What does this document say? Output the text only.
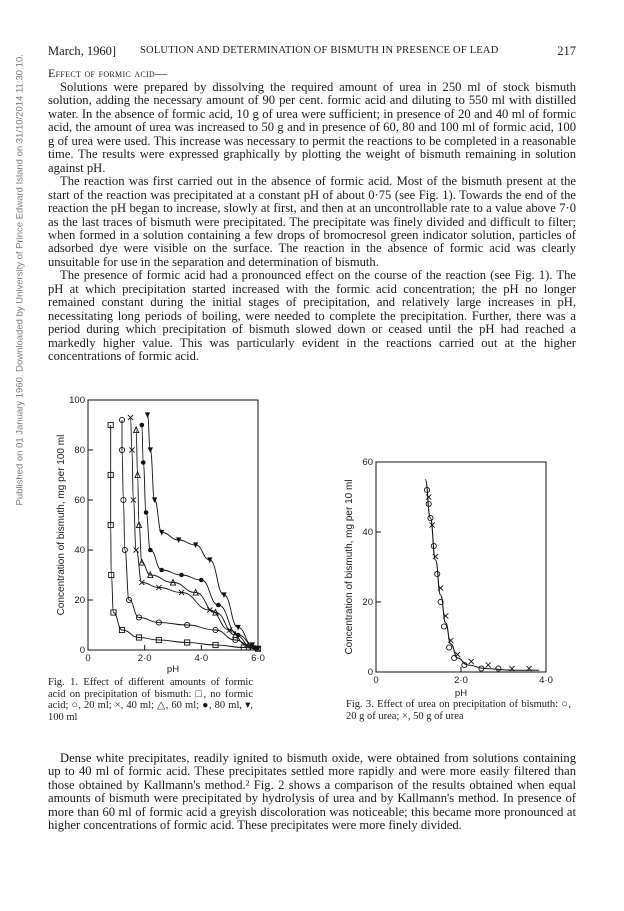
Published on 01 January 1960. Downloaded by University of Prince Edward Island on 31/10/2014 11:30:10.
March, 1960] SOLUTION AND DETERMINATION OF BISMUTH IN PRESENCE OF LEAD	217
Effect of formic acid—

Solutions were prepared by dissolving the required amount of urea in 250 ml of stock bismuth solution, adding the necessary amount of 90 per cent. formic acid and diluting to 550 ml with distilled water. In the absence of formic acid, 10 g of urea were sufficient; in presence of 20 and 40 ml of formic acid, the amount of urea was increased to 50 g and in presence of 60, 80 and 100 ml of formic acid, 100 g of urea were used. This increase was necessary to permit the reactions to be completed in a reasonable time. The results were expressed graphically by plotting the weight of bismuth remaining in solution against pH.

The reaction was first carried out in the absence of formic acid. Most of the bismuth present at the start of the reaction was precipitated at a constant pH of about 0·75 (see Fig. 1). Towards the end of the reaction the pH began to increase, slowly at first, and then at an uncontrollable rate to a value above 7·0 as the last traces of bismuth were precipitated. The precipitate was finely divided and difficult to filter; when formed in a solution containing a few drops of bromocresol green indicator solution, particles of adsorbed dye were visible on the surface. The reaction in the absence of formic acid was clearly unsuitable for use in the separation and determination of bismuth.

The presence of formic acid had a pronounced effect on the course of the reaction (see Fig. 1). The pH at which precipitation started increased with the formic acid concentration; the pH no longer remained constant during the initial stages of precipitation, and relatively large increases in pH, necessitating long periods of boiling, were needed to complete the precipitation. Further, there was a period during which precipitation of bismuth slowed down or ceased until the pH had reached a markedly higher value. This was particularly evident in the reactions carried out at the higher concentrations of formic acid.

0
20
40
60
80
100
0	2·0	4·0	6·0
pH
Concentration of bismuth, mg per 100 ml
Fig. 1. Effect of different amounts of formic acid on precipitation of bismuth: □, no formic acid; ○, 20 ml; ×, 40 ml; △, 60 ml; ●, 80 ml, ▾, 100 ml
0
20
40
60
0	2·0	4·0
pH
Concentration of bismuth, mg per 10 ml
Fig. 3. Effect of urea on precipitation of bismuth: ○, 20 g of urea; ×, 50 g of urea

Dense white precipitates, readily ignited to bismuth oxide, were obtained from solutions containing up to 40 ml of formic acid. These precipitates settled more rapidly and were more easily filtered than those obtained by Kallmann's method.² Fig. 2 shows a comparison of the results obtained when equal amounts of bismuth were precipitated by hydrolysis of urea and by Kallmann's method. In presence of more than 60 ml of formic acid a greyish discoloration was noticeable; this became more pronounced at higher concentrations of formic acid. These precipitates were more finely divided.
